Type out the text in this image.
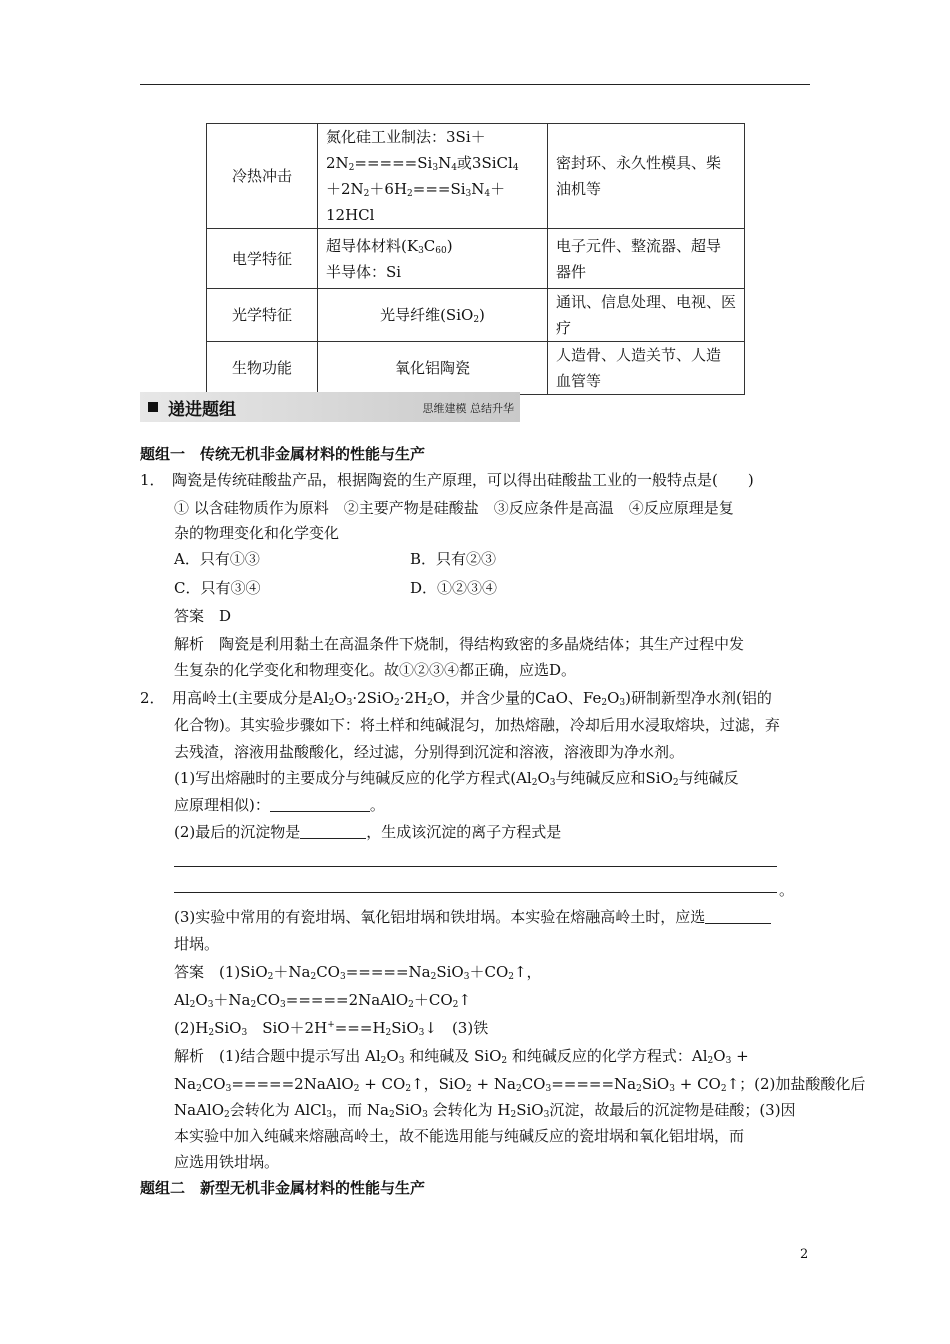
冷热冲击	氮化硅工业制法：3Si＋
$2N_2=====Si_3N_4$或3SiCl$_4$
$+2N_2+6H_2===Si_3N_4+12HCl$	密封环、永久性模具、柴
油机等
电学特征	超导体材料$(K_3C_{60})$
半导体：Si	电子元件、整流器、超导
器件
光学特征	光导纤维(SiO$_2$)	通讯、信息处理、电视、医
疗
生物功能	氧化铝陶瓷	人造骨、人造关节、人造
血管等
递进题组	思维建模 总结升华
题组一　传统无机非金属材料的性能与生产
1．　陶瓷是传统硅酸盐产品，根据陶瓷的生产原理，可以得出硅酸盐工业的一般特点是(　　)
① 以含硅物质作为原料　②主要产物是硅酸盐　③反应条件是高温　④反应原理是复
杂的物理变化和化学变化
A．只有①③	B．只有②③
C．只有③④	D．①②③④
答案　 D
解析　陶瓷是利用黏土在高温条件下烧制，得结构致密的多晶烧结体；其生产过程中发
生复杂的化学变化和物理变化。故①②③④都正确，应选D。
2．　用高岭土(主要成分是$Al_2O_3\cdot 2SiO_2\cdot 2H_2O$，并含少量的CaO、$Fe_2O_3$)研制新型净水剂(铝的
化合物)。其实验步骤如下：将土样和纯碱混匀，加热熔融，冷却后用水浸取熔块，过滤，弃
去残渣，溶液用盐酸酸化，经过滤，分别得到沉淀和溶液，溶液即为净水剂。
(1)写出熔融时的主要成分与纯碱反应的化学方程式($Al_2O_3$与纯碱反应和SiO$_2$与纯碱反
应原理相似)：	。
(2)最后的沉淀物是	，生成该沉淀的离子方程式是
。
(3)实验中常用的有瓷坩埚、氧化铝坩埚和铁坩埚。本实验在熔融高岭土时，应选
坩埚。
答案　$(1)SiO_2+Na_2CO_3=====Na_2SiO_3+CO_2↑$，
$Al_2O_3+Na_2CO_3=====2NaAlO_2+CO_2↑$
$(2)H_2SiO_3$　$SiO+2H^+===H_2SiO_3↓$　(3)铁
解析　(1)结合题中提示写出 $Al_2O_3$ 和纯碱及 SiO$_2$ 和纯碱反应的化学方程式：$Al_2O_3$ +
$Na_2CO_3=====2NaAlO_2$ + $CO_2↑$，$SiO_2 + Na_2CO_3=====Na_2SiO_3$ + $CO_2↑$；(2)加盐酸酸化后
NaAlO$_2$会转化为 AlCl$_3$，而 $Na_2SiO_3$ 会转化为 $H_2SiO_3$沉淀，故最后的沉淀物是硅酸；(3)因
本实验中加入纯碱来熔融高岭土，故不能选用能与纯碱反应的瓷坩埚和氧化铝坩埚，而
应选用铁坩埚。
题组二　新型无机非金属材料的性能与生产
2
